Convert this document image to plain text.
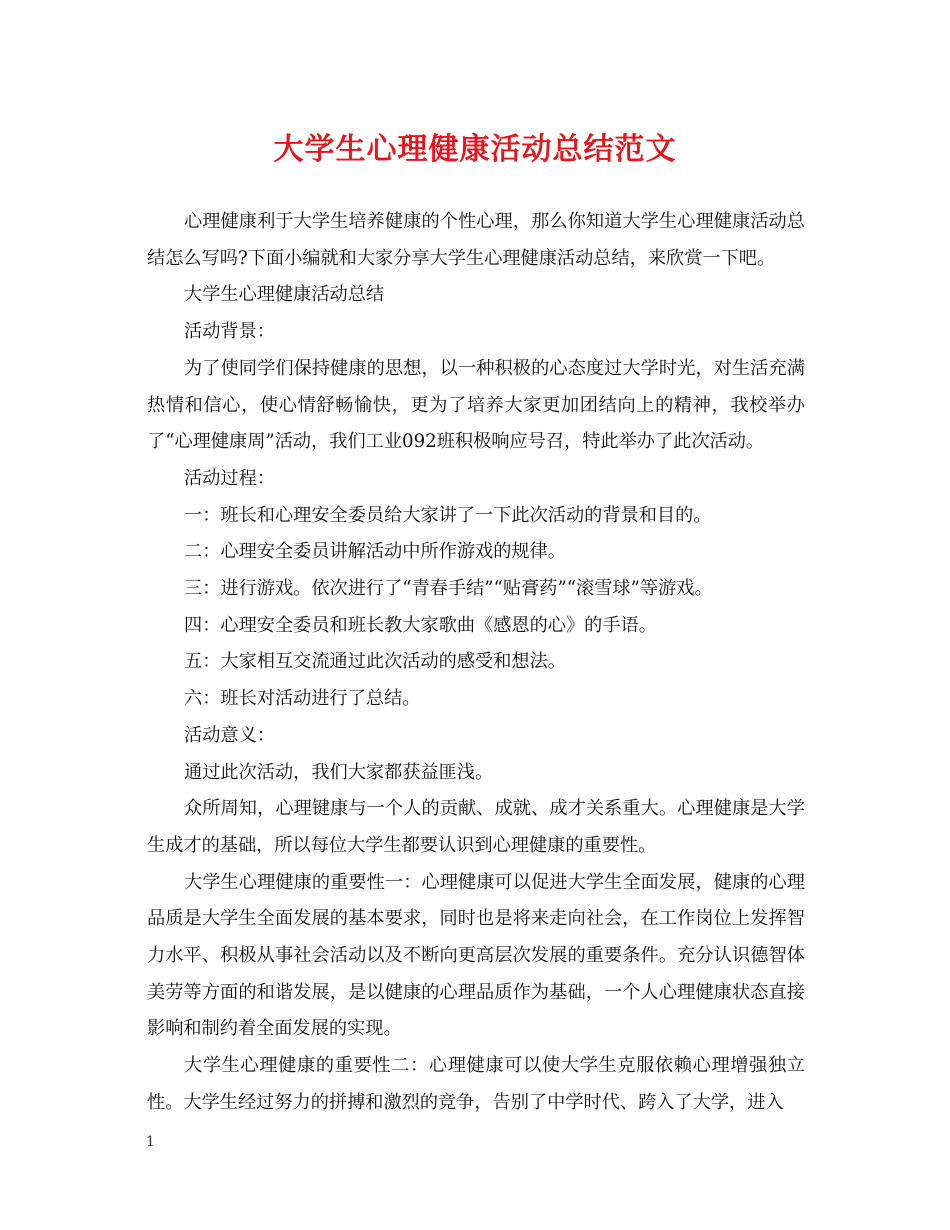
大学生心理健康活动总结范文

心理健康利于大学生培养健康的个性心理，那么你知道大学生心理健康活动总结怎么写吗?下面小编就和大家分享大学生心理健康活动总结，来欣赏一下吧。

大学生心理健康活动总结

活动背景：

为了使同学们保持健康的思想，以一种积极的心态度过大学时光，对生活充满热情和信心，使心情舒畅愉快，更为了培养大家更加团结向上的精神，我校举办了“心理健康周”活动，我们工业092班积极响应号召，特此举办了此次活动。

活动过程：

一：班长和心理安全委员给大家讲了一下此次活动的背景和目的。

二：心理安全委员讲解活动中所作游戏的规律。

三：进行游戏。依次进行了“青春手结”“贴膏药”“滚雪球”等游戏。

四：心理安全委员和班长教大家歌曲《感恩的心》的手语。

五：大家相互交流通过此次活动的感受和想法。

六：班长对活动进行了总结。

活动意义：

通过此次活动，我们大家都获益匪浅。

众所周知，心理键康与一个人的贡献、成就、成才关系重大。心理健康是大学生成才的基础，所以每位大学生都要认识到心理健康的重要性。

大学生心理健康的重要性一：心理健康可以促进大学生全面发展，健康的心理品质是大学生全面发展的基本要求，同时也是将来走向社会，在工作岗位上发挥智力水平、积极从事社会活动以及不断向更高层次发展的重要条件。充分认识德智体美劳等方面的和谐发展，是以健康的心理品质作为基础，一个人心理健康状态直接影响和制约着全面发展的实现。

大学生心理健康的重要性二：心理健康可以使大学生克服依赖心理增强独立性。大学生经过努力的拼搏和激烈的竞争，告别了中学时代、跨入了大学，进入

1
